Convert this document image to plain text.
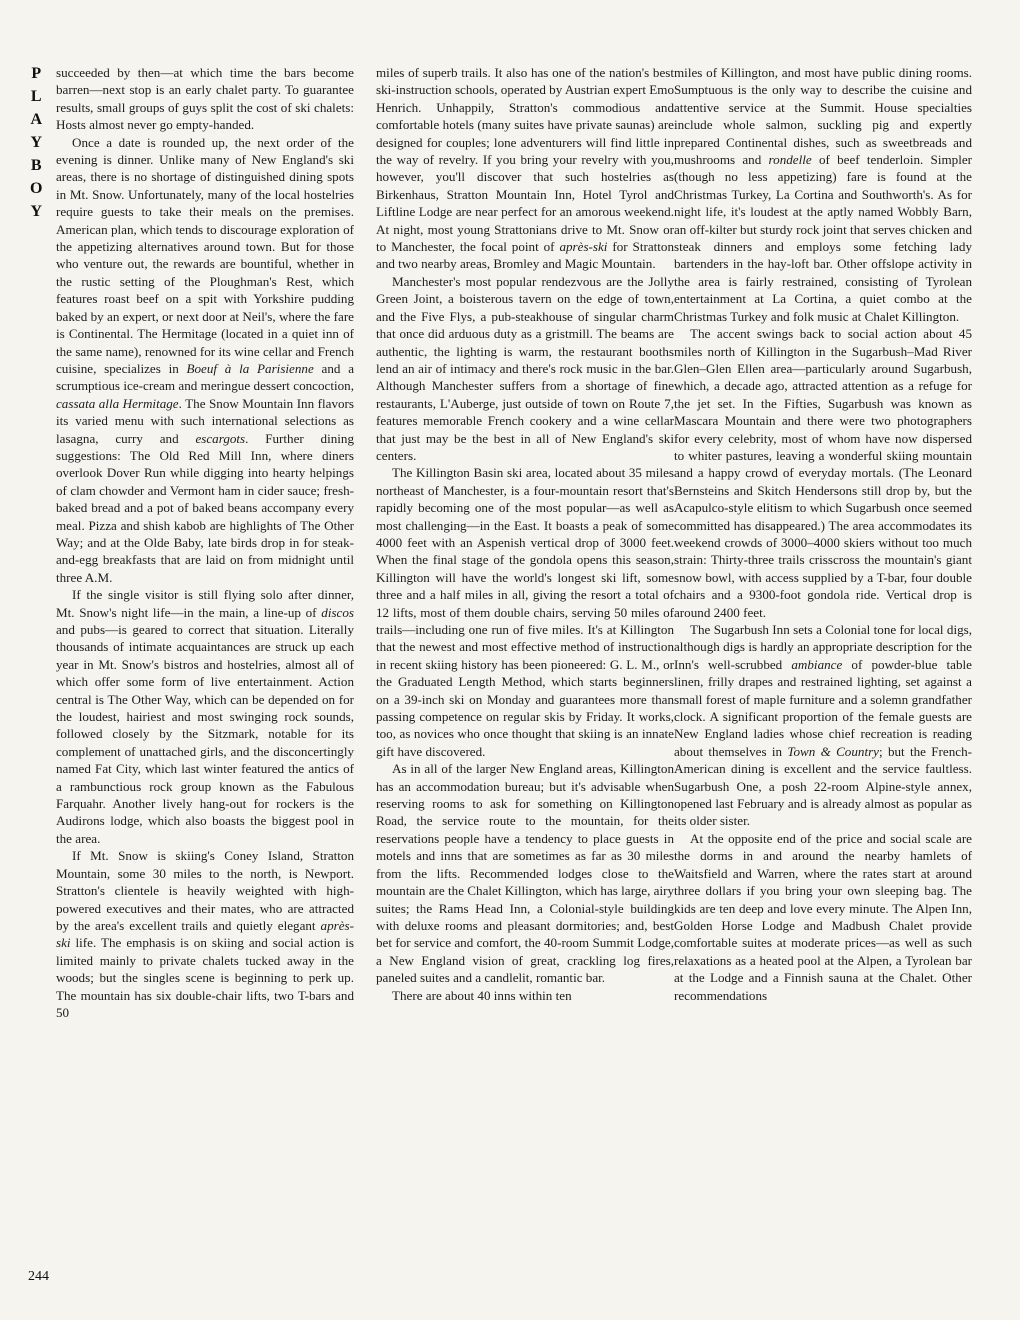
P
L
A
Y
B
O
Y
244

succeeded by then—at which time the bars become barren—next stop is an early chalet party. To guarantee results, small groups of guys split the cost of ski chalets: Hosts almost never go empty-handed.

Once a date is rounded up, the next order of the evening is dinner. Unlike many of New England's ski areas, there is no shortage of distinguished dining spots in Mt. Snow. Unfortunately, many of the local hostelries require guests to take their meals on the premises. American plan, which tends to discourage exploration of the appetizing alternatives around town. But for those who venture out, the rewards are bountiful, whether in the rustic setting of the Ploughman's Rest, which features roast beef on a spit with Yorkshire pudding baked by an expert, or next door at Neil's, where the fare is Continental. The Hermitage (located in a quiet inn of the same name), renowned for its wine cellar and French cuisine, specializes in Boeuf à la Parisienne and a scrumptious ice-cream and meringue dessert concoction, cassata alla Hermitage. The Snow Mountain Inn flavors its varied menu with such international selections as lasagna, curry and escargots. Further dining suggestions: The Old Red Mill Inn, where diners overlook Dover Run while digging into hearty helpings of clam chowder and Vermont ham in cider sauce; fresh-baked bread and a pot of baked beans accompany every meal. Pizza and shish kabob are highlights of The Other Way; and at the Olde Baby, late birds drop in for steak-and-egg breakfasts that are laid on from midnight until three A.M.

If the single visitor is still flying solo after dinner, Mt. Snow's night life—in the main, a line-up of discos and pubs—is geared to correct that situation. Literally thousands of intimate acquaintances are struck up each year in Mt. Snow's bistros and hostelries, almost all of which offer some form of live entertainment. Action central is The Other Way, which can be depended on for the loudest, hairiest and most swinging rock sounds, followed closely by the Sitzmark, notable for its complement of unattached girls, and the disconcertingly named Fat City, which last winter featured the antics of a rambunctious rock group known as the Fabulous Farquahr. Another lively hang-out for rockers is the Audirons lodge, which also boasts the biggest pool in the area.

If Mt. Snow is skiing's Coney Island, Stratton Mountain, some 30 miles to the north, is Newport. Stratton's clientele is heavily weighted with high-powered executives and their mates, who are attracted by the area's excellent trails and quietly elegant après-ski life. The emphasis is on skiing and social action is limited mainly to private chalets tucked away in the woods; but the singles scene is beginning to perk up. The mountain has six double-chair lifts, two T-bars and 50

miles of superb trails. It also has one of the nation's best ski-instruction schools, operated by Austrian expert Emo Henrich. Unhappily, Stratton's commodious and comfortable hotels (many suites have private saunas) are designed for couples; lone adventurers will find little in the way of revelry. If you bring your revelry with you, however, you'll discover that such hostelries as Birkenhaus, Stratton Mountain Inn, Hotel Tyrol and Liftline Lodge are near perfect for an amorous weekend. At night, most young Strattonians drive to Mt. Snow or to Manchester, the focal point of après-ski for Stratton and two nearby areas, Bromley and Magic Mountain.

Manchester's most popular rendezvous are the Jolly Green Joint, a boisterous tavern on the edge of town, and the Five Flys, a pub-steakhouse of singular charm that once did arduous duty as a gristmill. The beams are authentic, the lighting is warm, the restaurant booths lend an air of intimacy and there's rock music in the bar. Although Manchester suffers from a shortage of fine restaurants, L'Auberge, just outside of town on Route 7, features memorable French cookery and a wine cellar that just may be the best in all of New England's ski centers.

The Killington Basin ski area, located about 35 miles northeast of Manchester, is a four-mountain resort that's rapidly becoming one of the most popular—as well as most challenging—in the East. It boasts a peak of some 4000 feet with an Aspenish vertical drop of 3000 feet. When the final stage of the gondola opens this season, Killington will have the world's longest ski lift, some three and a half miles in all, giving the resort a total of 12 lifts, most of them double chairs, serving 50 miles of trails—including one run of five miles. It's at Killington that the newest and most effective method of instruction in recent skiing history has been pioneered: G. L. M., or the Graduated Length Method, which starts beginners on a 39-inch ski on Monday and guarantees more than passing competence on regular skis by Friday. It works, too, as novices who once thought that skiing is an innate gift have discovered.

As in all of the larger New England areas, Killington has an accommodation bureau; but it's advisable when reserving rooms to ask for something on Killington Road, the service route to the mountain, for the reservations people have a tendency to place guests in motels and inns that are sometimes as far as 30 miles from the lifts. Recommended lodges close to the mountain are the Chalet Killington, which has large, airy suites; the Rams Head Inn, a Colonial-style building with deluxe rooms and pleasant dormitories; and, best bet for service and comfort, the 40-room Summit Lodge, a New England vision of great, crackling log fires, paneled suites and a candlelit, romantic bar.

There are about 40 inns within ten

miles of Killington, and most have public dining rooms. Sumptuous is the only way to describe the cuisine and attentive service at the Summit. House specialties include whole salmon, suckling pig and expertly prepared Continental dishes, such as sweetbreads and mushrooms and rondelle of beef tenderloin. Simpler (though no less appetizing) fare is found at the Christmas Turkey, La Cortina and Southworth's. As for night life, it's loudest at the aptly named Wobbly Barn, an off-kilter but sturdy rock joint that serves chicken and steak dinners and employs some fetching lady bartenders in the hay-loft bar. Other offslope activity in the area is fairly restrained, consisting of Tyrolean entertainment at La Cortina, a quiet combo at the Christmas Turkey and folk music at Chalet Killington.

The accent swings back to social action about 45 miles north of Killington in the Sugarbush–Mad River Glen–Glen Ellen area—particularly around Sugarbush, which, a decade ago, attracted attention as a refuge for the jet set. In the Fifties, Sugarbush was known as Mascara Mountain and there were two photographers for every celebrity, most of whom have now dispersed to whiter pastures, leaving a wonderful skiing mountain and a happy crowd of everyday mortals. (The Leonard Bernsteins and Skitch Hendersons still drop by, but the Acapulco-style elitism to which Sugarbush once seemed committed has disappeared.) The area accommodates its weekend crowds of 3000–4000 skiers without too much strain: Thirty-three trails crisscross the mountain's giant snow bowl, with access supplied by a T-bar, four double chairs and a 9300-foot gondola ride. Vertical drop is around 2400 feet.

The Sugarbush Inn sets a Colonial tone for local digs, although digs is hardly an appropriate description for the Inn's well-scrubbed ambiance of powder-blue table linen, frilly drapes and restrained lighting, set against a small forest of maple furniture and a solemn grandfather clock. A significant proportion of the female guests are New England ladies whose chief recreation is reading about themselves in Town & Country; but the French-American dining is excellent and the service faultless. Sugarbush One, a posh 22-room Alpine-style annex, opened last February and is already almost as popular as its older sister.

At the opposite end of the price and social scale are the dorms in and around the nearby hamlets of Waitsfield and Warren, where the rates start at around three dollars if you bring your own sleeping bag. The kids are ten deep and love every minute. The Alpen Inn, Golden Horse Lodge and Madbush Chalet provide comfortable suites at moderate prices—as well as such relaxations as a heated pool at the Alpen, a Tyrolean bar at the Lodge and a Finnish sauna at the Chalet. Other recommendations
